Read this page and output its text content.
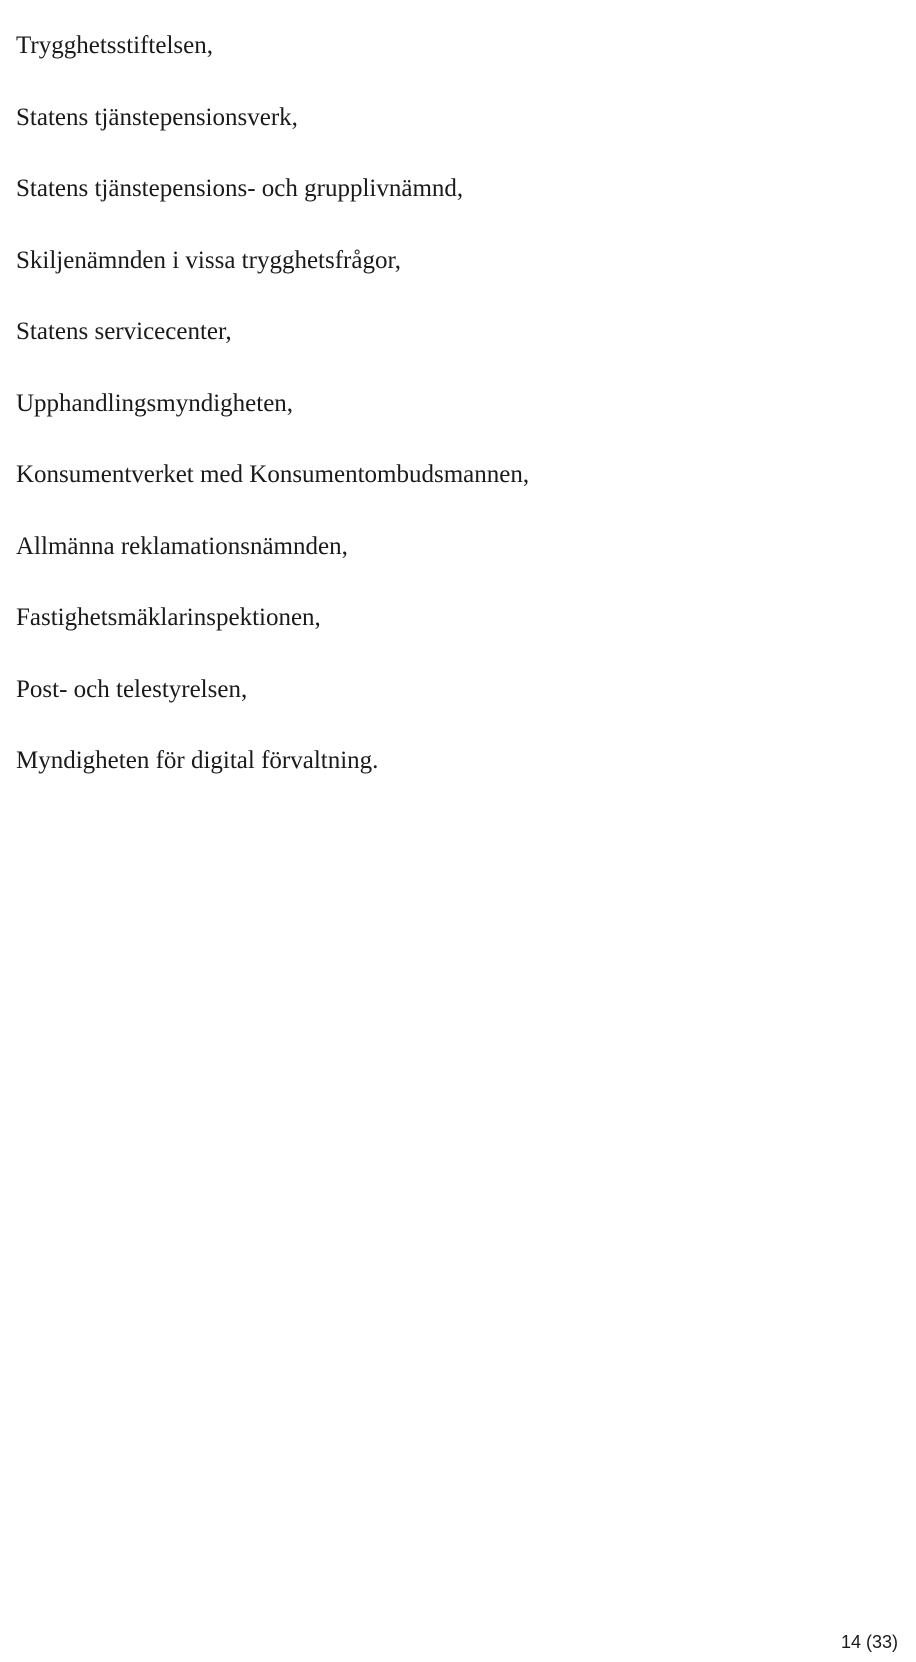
Trygghetsstiftelsen,
Statens tjänstepensionsverk,
Statens tjänstepensions- och grupplivnämnd,
Skiljenämnden i vissa trygghetsfrågor,
Statens servicecenter,
Upphandlingsmyndigheten,
Konsumentverket med Konsumentombudsmannen,
Allmänna reklamationsnämnden,
Fastighetsmäklarinspektionen,
Post- och telestyrelsen,
Myndigheten för digital förvaltning.
14 (33)
